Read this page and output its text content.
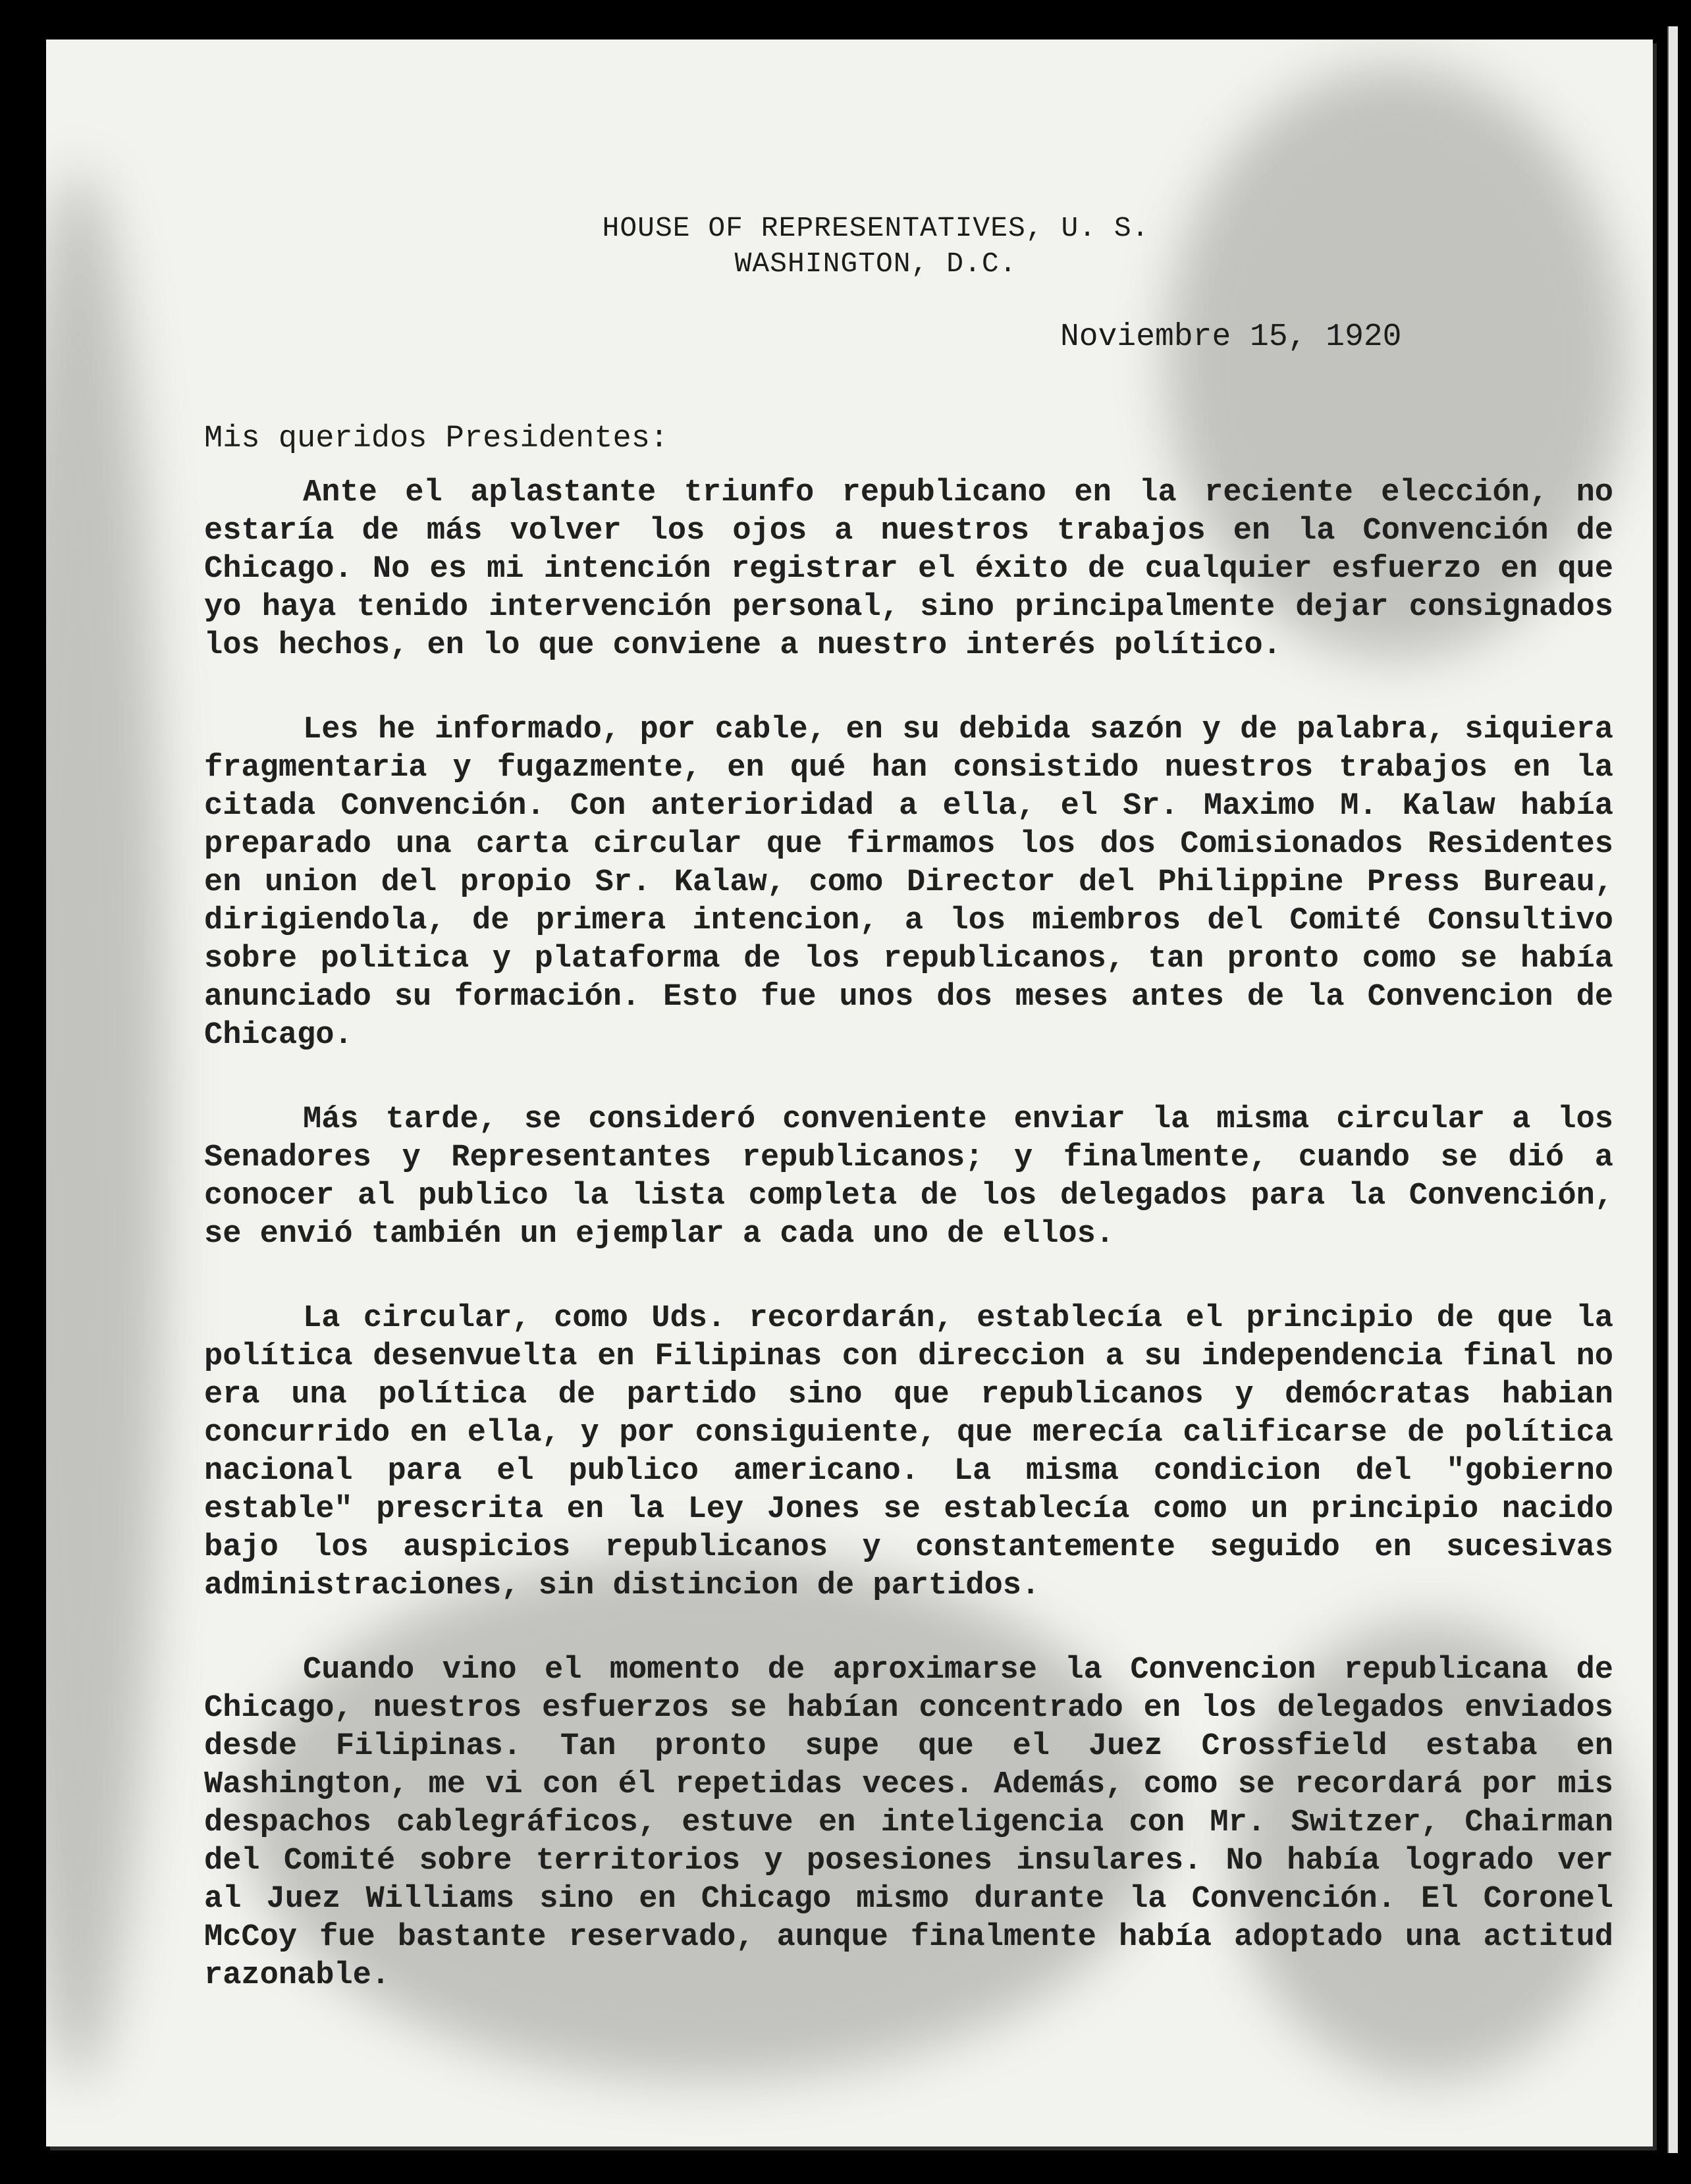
HOUSE OF REPRESENTATIVES, U. S.
WASHINGTON, D.C.
Noviembre 15, 1920
Mis queridos Presidentes:

Ante el aplastante triunfo republicano en la reciente elección, no estaría de más volver los ojos a nuestros trabajos en la Convención de Chicago. No es mi intención registrar el éxito de cualquier esfuerzo en que yo haya tenido intervención personal, sino principalmente dejar consignados los hechos, en lo que conviene a nuestro interés político.

Les he informado, por cable, en su debida sazón y de palabra, siquiera fragmentaria y fugazmente, en qué han consistido nuestros trabajos en la citada Convención. Con anterioridad a ella, el Sr. Maximo M. Kalaw había preparado una carta circular que firmamos los dos Comisionados Residentes en union del propio Sr. Kalaw, como Director del Philippine Press Bureau, dirigiendola, de primera intencion, a los miembros del Comité Consultivo sobre politica y plataforma de los republicanos, tan pronto como se había anunciado su formación. Esto fue unos dos meses antes de la Convencion de Chicago.

Más tarde, se consideró conveniente enviar la misma circular a los Senadores y Representantes republicanos; y finalmente, cuando se dió a conocer al publico la lista completa de los delegados para la Convención, se envió también un ejemplar a cada uno de ellos.

La circular, como Uds. recordarán, establecía el principio de que la política desenvuelta en Filipinas con direccion a su independencia final no era una política de partido sino que republicanos y demócratas habian concurrido en ella, y por consiguiente, que merecía calificarse de política nacional para el publico americano. La misma condicion del "gobierno estable" prescrita en la Ley Jones se establecía como un principio nacido bajo los auspicios republicanos y constantemente seguido en sucesivas administraciones, sin distincion de partidos.

Cuando vino el momento de aproximarse la Convencion republicana de Chicago, nuestros esfuerzos se habían concentrado en los delegados enviados desde Filipinas. Tan pronto supe que el Juez Crossfield estaba en Washington, me vi con él repetidas veces. Además, como se recordará por mis despachos cablegráficos, estuve en inteligencia con Mr. Switzer, Chairman del Comité sobre territorios y posesiones insulares. No había logrado ver al Juez Williams sino en Chicago mismo durante la Convención. El Coronel McCoy fue bastante reservado, aunque finalmente había adoptado una actitud razonable.
